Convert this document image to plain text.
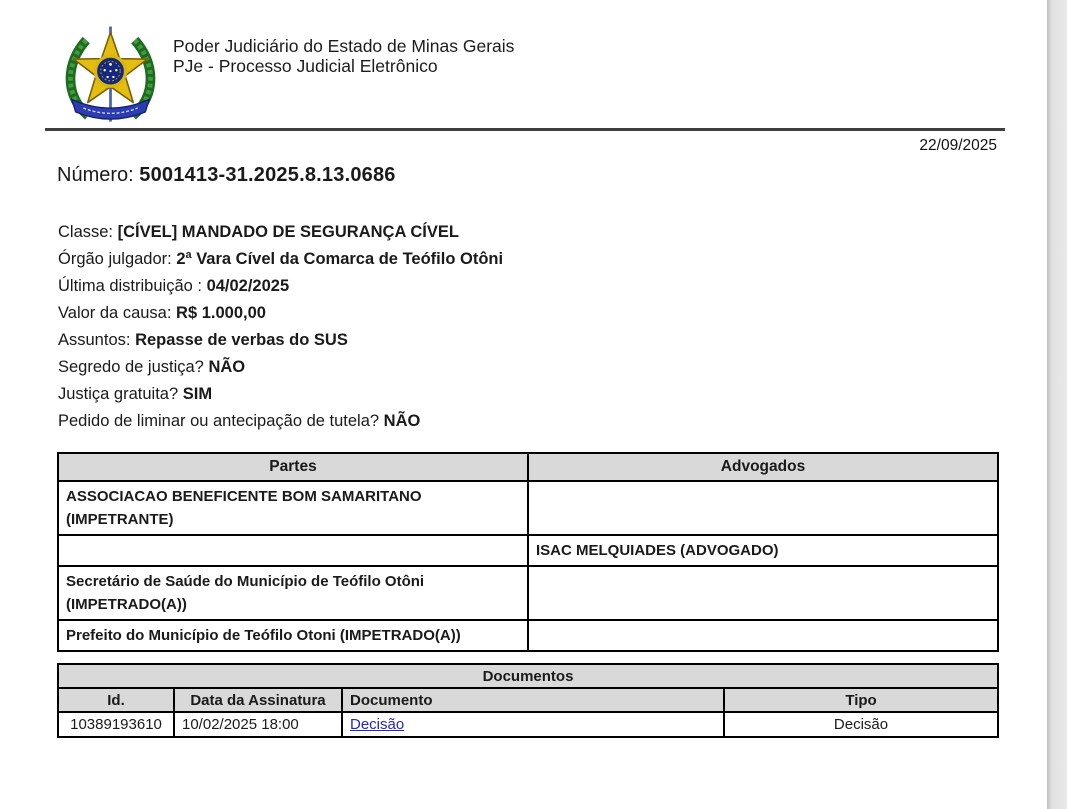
Poder Judiciário do Estado de Minas Gerais
PJe - Processo Judicial Eletrônico
22/09/2025
Número: 5001413-31.2025.8.13.0686
Classe: [CÍVEL] MANDADO DE SEGURANÇA CÍVEL
Órgão julgador: 2ª Vara Cível da Comarca de Teófilo Otôni
Última distribuição : 04/02/2025
Valor da causa: R$ 1.000,00
Assuntos: Repasse de verbas do SUS
Segredo de justiça? NÃO
Justiça gratuita? SIM
Pedido de liminar ou antecipação de tutela? NÃO
Partes	Advogados

ASSOCIACAO BENEFICENTE BOM SAMARITANO
(IMPETRANTE)	

	ISAC MELQUIADES (ADVOGADO)

Secretário de Saúde do Município de Teófilo Otôni
(IMPETRADO(A))	

Prefeito do Município de Teófilo Otoni (IMPETRADO(A))	

Documentos			
Id.	Data da Assinatura	Documento	Tipo
10389193610	10/02/2025 18:00	Decisão	Decisão
